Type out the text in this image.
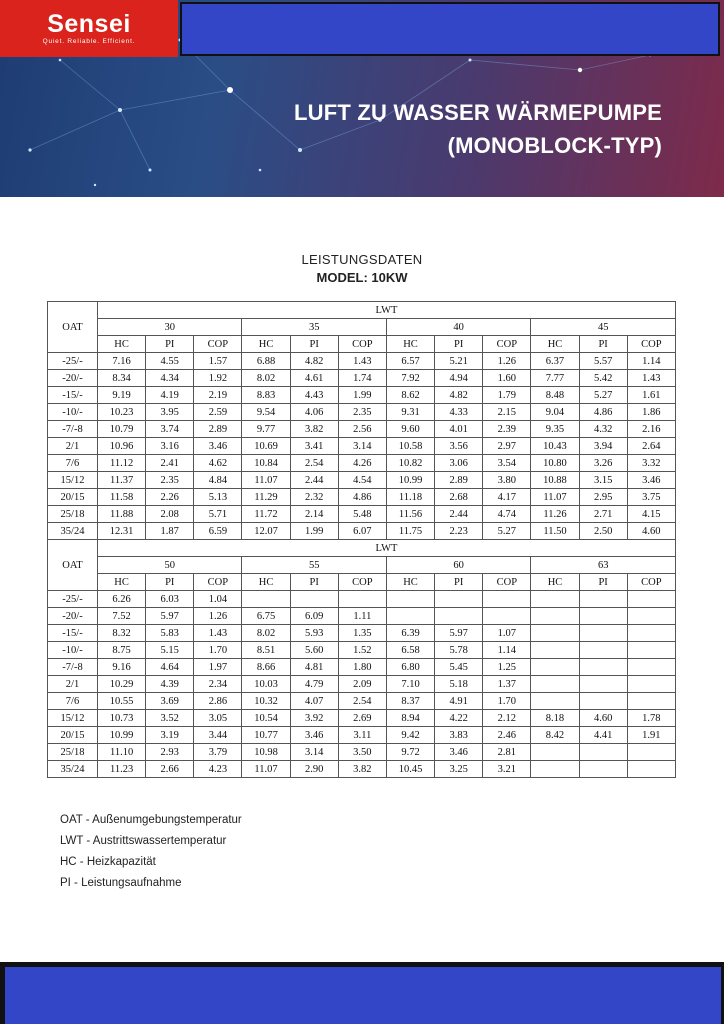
LUFT ZU WASSER WÄRMEPUMPE
(MONOBLOCK-TYP)
Sensei
Quiet. Reliable. Efficient.
LEISTUNGSDATEN
MODEL: 10KW
OAT	LWT											
	30			35			40			45		
	HC	PI	COP	HC	PI	COP	HC	PI	COP	HC	PI	COP
-25/-	7.16	4.55	1.57	6.88	4.82	1.43	6.57	5.21	1.26	6.37	5.57	1.14
-20/-	8.34	4.34	1.92	8.02	4.61	1.74	7.92	4.94	1.60	7.77	5.42	1.43
-15/-	9.19	4.19	2.19	8.83	4.43	1.99	8.62	4.82	1.79	8.48	5.27	1.61
-10/-	10.23	3.95	2.59	9.54	4.06	2.35	9.31	4.33	2.15	9.04	4.86	1.86
-7/-8	10.79	3.74	2.89	9.77	3.82	2.56	9.60	4.01	2.39	9.35	4.32	2.16
2/1	10.96	3.16	3.46	10.69	3.41	3.14	10.58	3.56	2.97	10.43	3.94	2.64
7/6	11.12	2.41	4.62	10.84	2.54	4.26	10.82	3.06	3.54	10.80	3.26	3.32
15/12	11.37	2.35	4.84	11.07	2.44	4.54	10.99	2.89	3.80	10.88	3.15	3.46
20/15	11.58	2.26	5.13	11.29	2.32	4.86	11.18	2.68	4.17	11.07	2.95	3.75
25/18	11.88	2.08	5.71	11.72	2.14	5.48	11.56	2.44	4.74	11.26	2.71	4.15
35/24	12.31	1.87	6.59	12.07	1.99	6.07	11.75	2.23	5.27	11.50	2.50	4.60
OAT	LWT											
	50			55			60			63		
	HC	PI	COP	HC	PI	COP	HC	PI	COP	HC	PI	COP
-25/-	6.26	6.03	1.04									
-20/-	7.52	5.97	1.26	6.75	6.09	1.11						
-15/-	8.32	5.83	1.43	8.02	5.93	1.35	6.39	5.97	1.07			
-10/-	8.75	5.15	1.70	8.51	5.60	1.52	6.58	5.78	1.14			
-7/-8	9.16	4.64	1.97	8.66	4.81	1.80	6.80	5.45	1.25			
2/1	10.29	4.39	2.34	10.03	4.79	2.09	7.10	5.18	1.37			
7/6	10.55	3.69	2.86	10.32	4.07	2.54	8.37	4.91	1.70			
15/12	10.73	3.52	3.05	10.54	3.92	2.69	8.94	4.22	2.12	8.18	4.60	1.78
20/15	10.99	3.19	3.44	10.77	3.46	3.11	9.42	3.83	2.46	8.42	4.41	1.91
25/18	11.10	2.93	3.79	10.98	3.14	3.50	9.72	3.46	2.81			
35/24	11.23	2.66	4.23	11.07	2.90	3.82	10.45	3.25	3.21			
OAT - Außenumgebungstemperatur
LWT - Austrittswassertemperatur
HC - Heizkapazität
PI - Leistungsaufnahme
